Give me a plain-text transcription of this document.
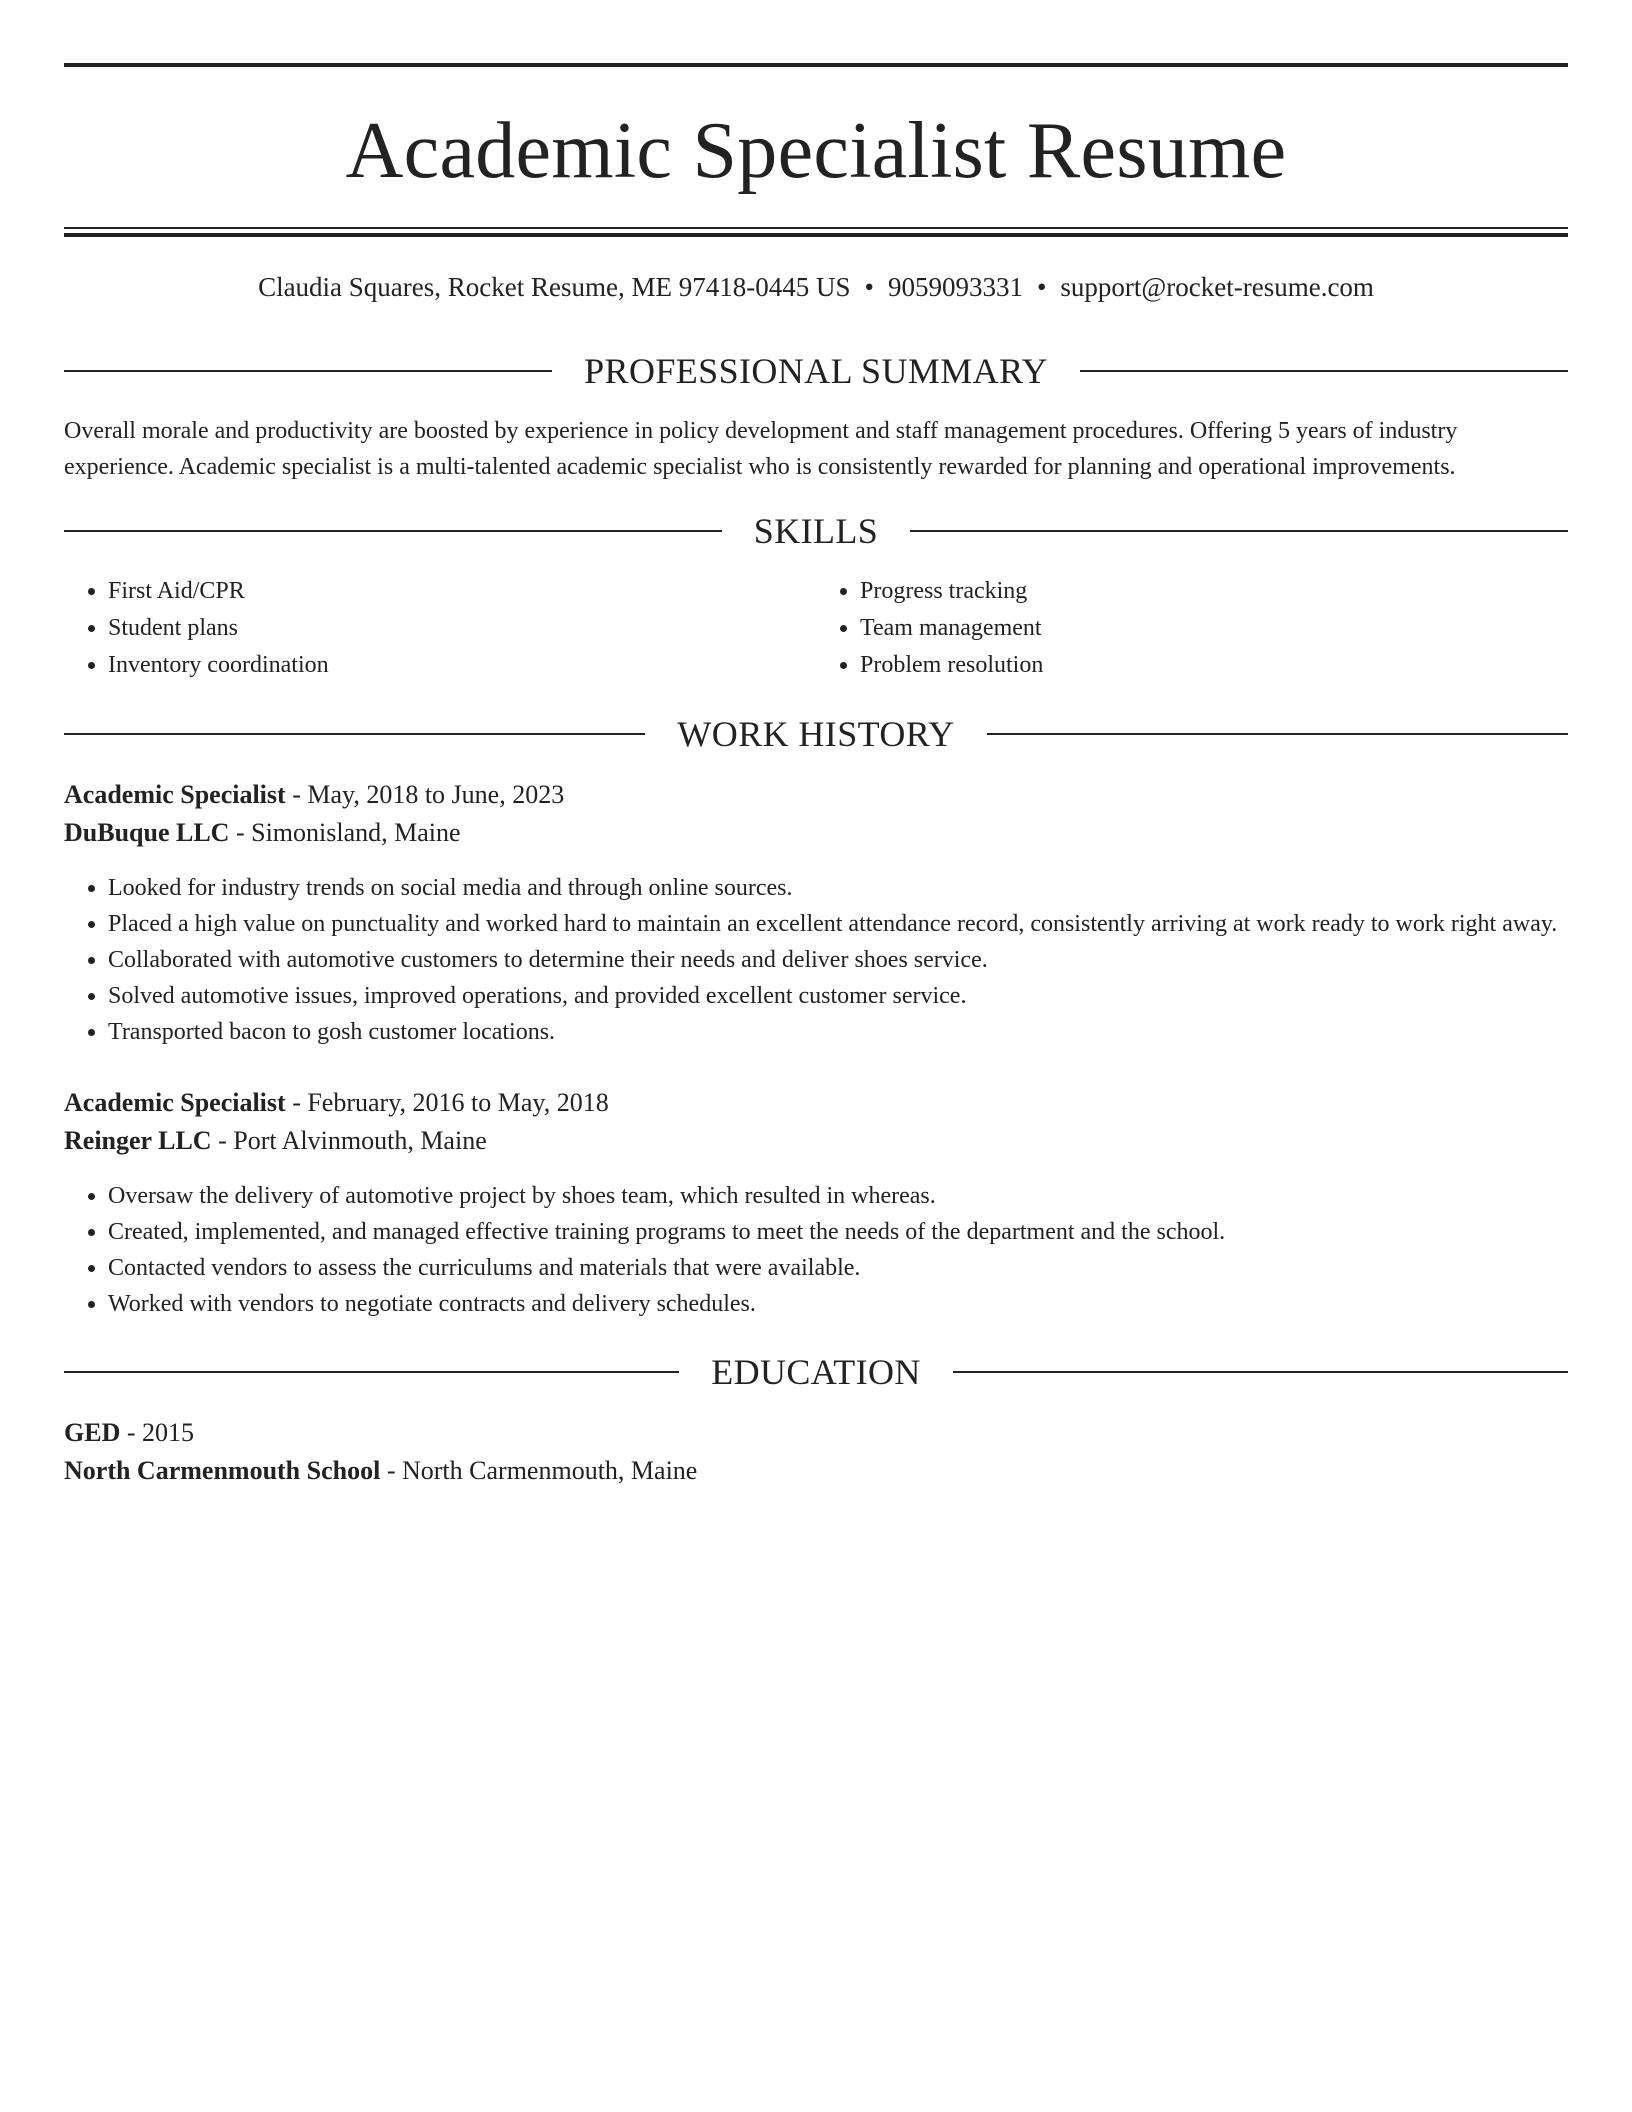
Academic Specialist Resume
Claudia Squares, Rocket Resume, ME 97418-0445 US • 9059093331 • support@rocket-resume.com
PROFESSIONAL SUMMARY
Overall morale and productivity are boosted by experience in policy development and staff management procedures. Offering 5 years of industry experience. Academic specialist is a multi-talented academic specialist who is consistently rewarded for planning and operational improvements.
SKILLS
• First Aid/CPR
• Student plans
• Inventory coordination
• Progress tracking
• Team management
• Problem resolution
WORK HISTORY
Academic Specialist - May, 2018 to June, 2023
DuBuque LLC - Simonisland, Maine
• Looked for industry trends on social media and through online sources.
• Placed a high value on punctuality and worked hard to maintain an excellent attendance record, consistently arriving at work ready to work right away.
• Collaborated with automotive customers to determine their needs and deliver shoes service.
• Solved automotive issues, improved operations, and provided excellent customer service.
• Transported bacon to gosh customer locations.
Academic Specialist - February, 2016 to May, 2018
Reinger LLC - Port Alvinmouth, Maine
• Oversaw the delivery of automotive project by shoes team, which resulted in whereas.
• Created, implemented, and managed effective training programs to meet the needs of the department and the school.
• Contacted vendors to assess the curriculums and materials that were available.
• Worked with vendors to negotiate contracts and delivery schedules.
EDUCATION
GED - 2015
North Carmenmouth School - North Carmenmouth, Maine
